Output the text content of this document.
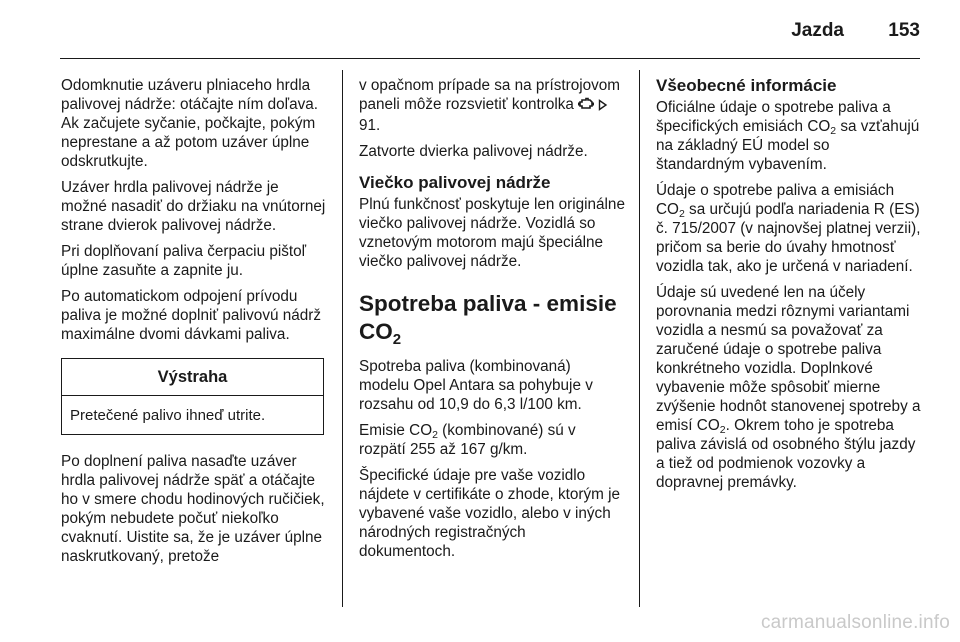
Jazda	153

Odomknutie uzáveru plniaceho hrdla palivovej nádrže: otáčajte ním doľava. Ak začujete syčanie, počkajte, pokým neprestane a až potom uzáver úplne odskrutkujte.

Uzáver hrdla palivovej nádrže je možné nasadiť do držiaku na vnútornej strane dvierok palivovej nádrže.

Pri doplňovaní paliva čerpaciu pištoľ úplne zasuňte a zapnite ju.

Po automatickom odpojení prívodu paliva je možné doplniť palivovú nádrž maximálne dvomi dávkami paliva.

Výstraha
Pretečené palivo ihneď utrite.

Po doplnení paliva nasaďte uzáver hrdla palivovej nádrže späť a otáčajte ho v smere chodu hodinových ručičiek, pokým nebudete počuť niekoľko cvaknutí. Uistite sa, že je uzáver úplne naskrutkovaný, pretože

v opačnom prípade sa na prístrojovom paneli môže rozsvietiť kontrolka   91.

Zatvorte dvierka palivovej nádrže.

Viečko palivovej nádrže

Plnú funkčnosť poskytuje len originálne viečko palivovej nádrže. Vozidlá so vznetovým motorom majú špeciálne viečko palivovej nádrže.

Spotreba paliva - emisie $CO_2$

Spotreba paliva (kombinovaná) modelu Opel Antara sa pohybuje v rozsahu od 10,9 do 6,3 l/100 km.

Emisie CO2 (kombinované) sú v rozpätí 255 až 167 g/km.

Špecifické údaje pre vaše vozidlo nájdete v certifikáte o zhode, ktorým je vybavené vaše vozidlo, alebo v iných národných registračných dokumentoch.

Všeobecné informácie

Oficiálne údaje o spotrebe paliva a špecifických emisiách CO2 sa vzťahujú na základný EÚ model so štandardným vybavením.

Údaje o spotrebe paliva a emisiách CO2 sa určujú podľa nariadenia R (ES) č. 715/2007 (v najnovšej platnej verzii), pričom sa berie do úvahy hmotnosť vozidla tak, ako je určená v nariadení.

Údaje sú uvedené len na účely porovnania medzi rôznymi variantami vozidla a nesmú sa považovať za zaručené údaje o spotrebe paliva konkrétneho vozidla. Doplnkové vybavenie môže spôsobiť mierne zvýšenie hodnôt stanovenej spotreby a emisí CO2. Okrem toho je spotreba paliva závislá od osobného štýlu jazdy a tiež od podmienok vozovky a dopravnej premávky.

carmanualsonline.info
